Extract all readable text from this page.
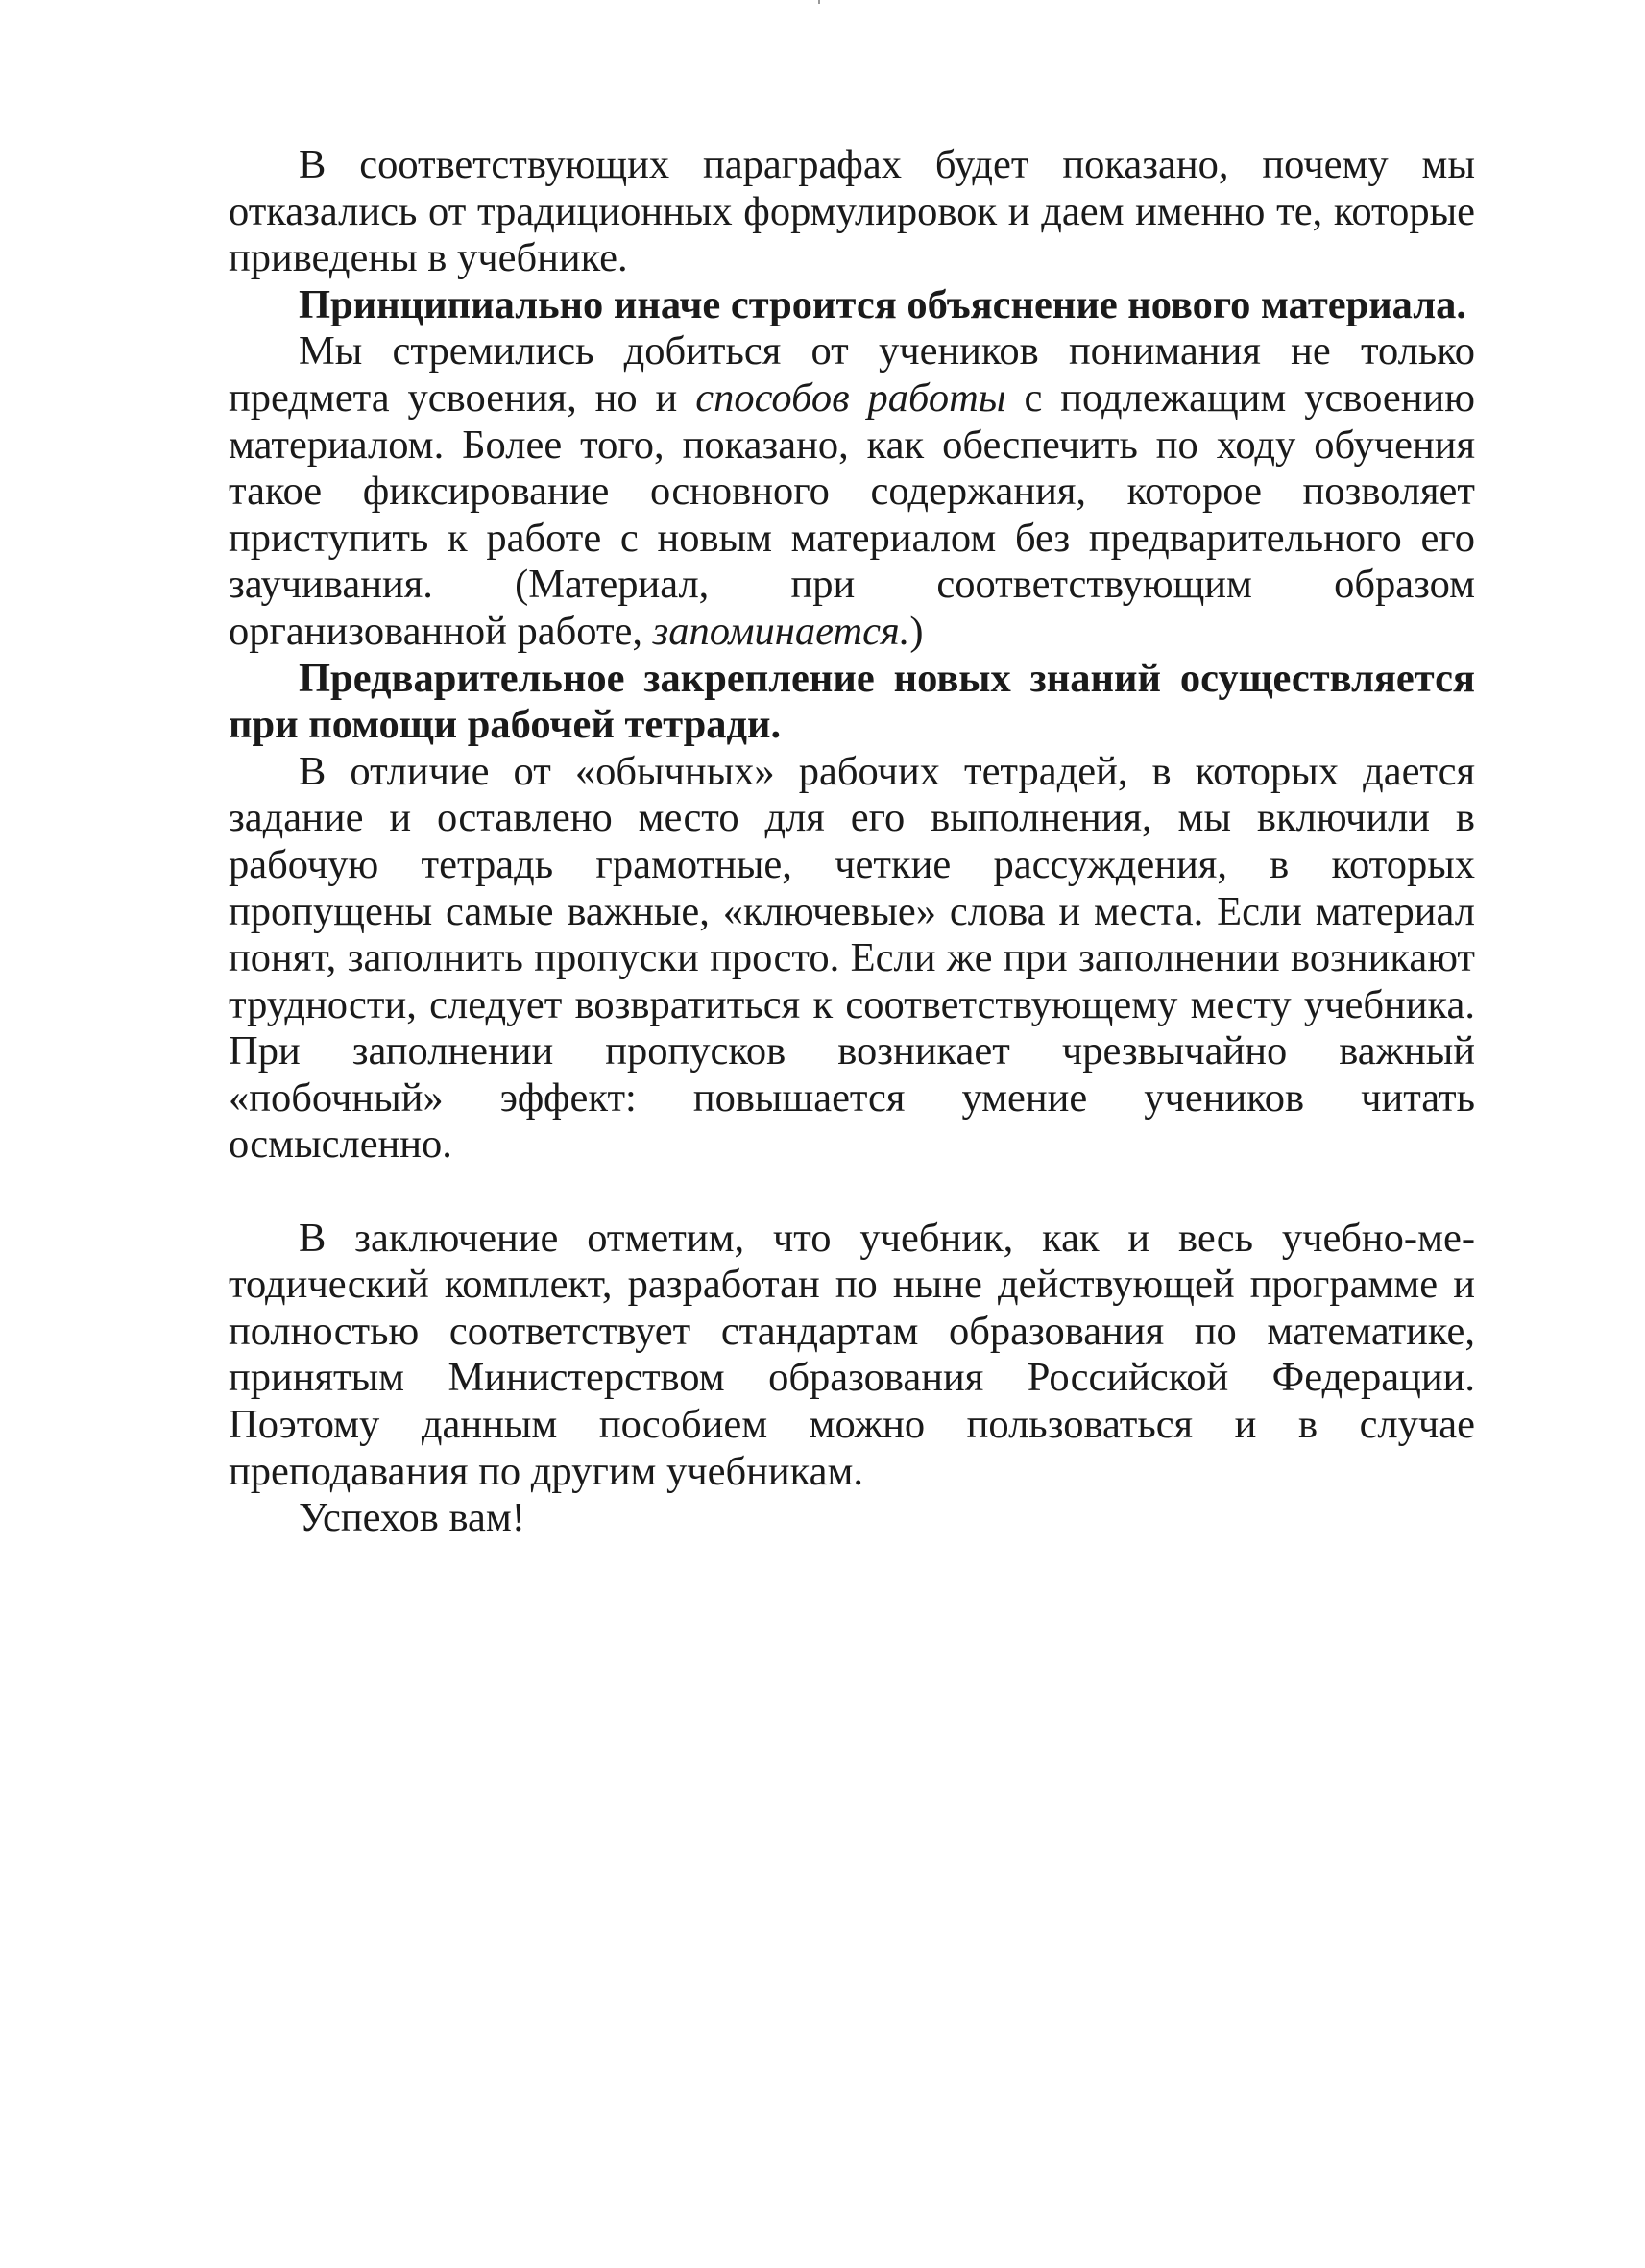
В соответствующих параграфах будет показано, почему мы отказались от традиционных формулировок и даем именно те, которые приведены в учебнике.

Принципиально иначе строится объяснение нового материала.

Мы стремились добиться от учеников понимания не только предмета усвоения, но и способов работы с подлежащим усвоению материалом. Более того, показано, как обеспечить по ходу обучения такое фиксирование основного содержания, которое позволяет приступить к работе с новым материалом без предварительного его заучивания. (Материал, при соответствующим образом организованной работе, запоминается.)

Предварительное закрепление новых знаний осуществляется при помощи рабочей тетради.

В отличие от «обычных» рабочих тетрадей, в которых дается задание и оставлено место для его выполнения, мы включили в рабочую тетрадь грамотные, четкие рассуждения, в которых пропущены самые важные, «ключевые» слова и места. Если материал понят, заполнить пропуски просто. Если же при заполнении возникают трудности, следует возвратиться к соответствующему месту учебника. При заполнении пропусков возникает чрезвычайно важный «побочный» эффект: повышается умение учеников читать осмысленно.

В заключение отметим, что учебник, как и весь учебно-методический комплект, разработан по ныне действующей программе и полностью соответствует стандартам образования по математике, принятым Министерством образования Российской Федерации. Поэтому данным пособием можно пользоваться и в случае преподавания по другим учебникам.

Успехов вам!
